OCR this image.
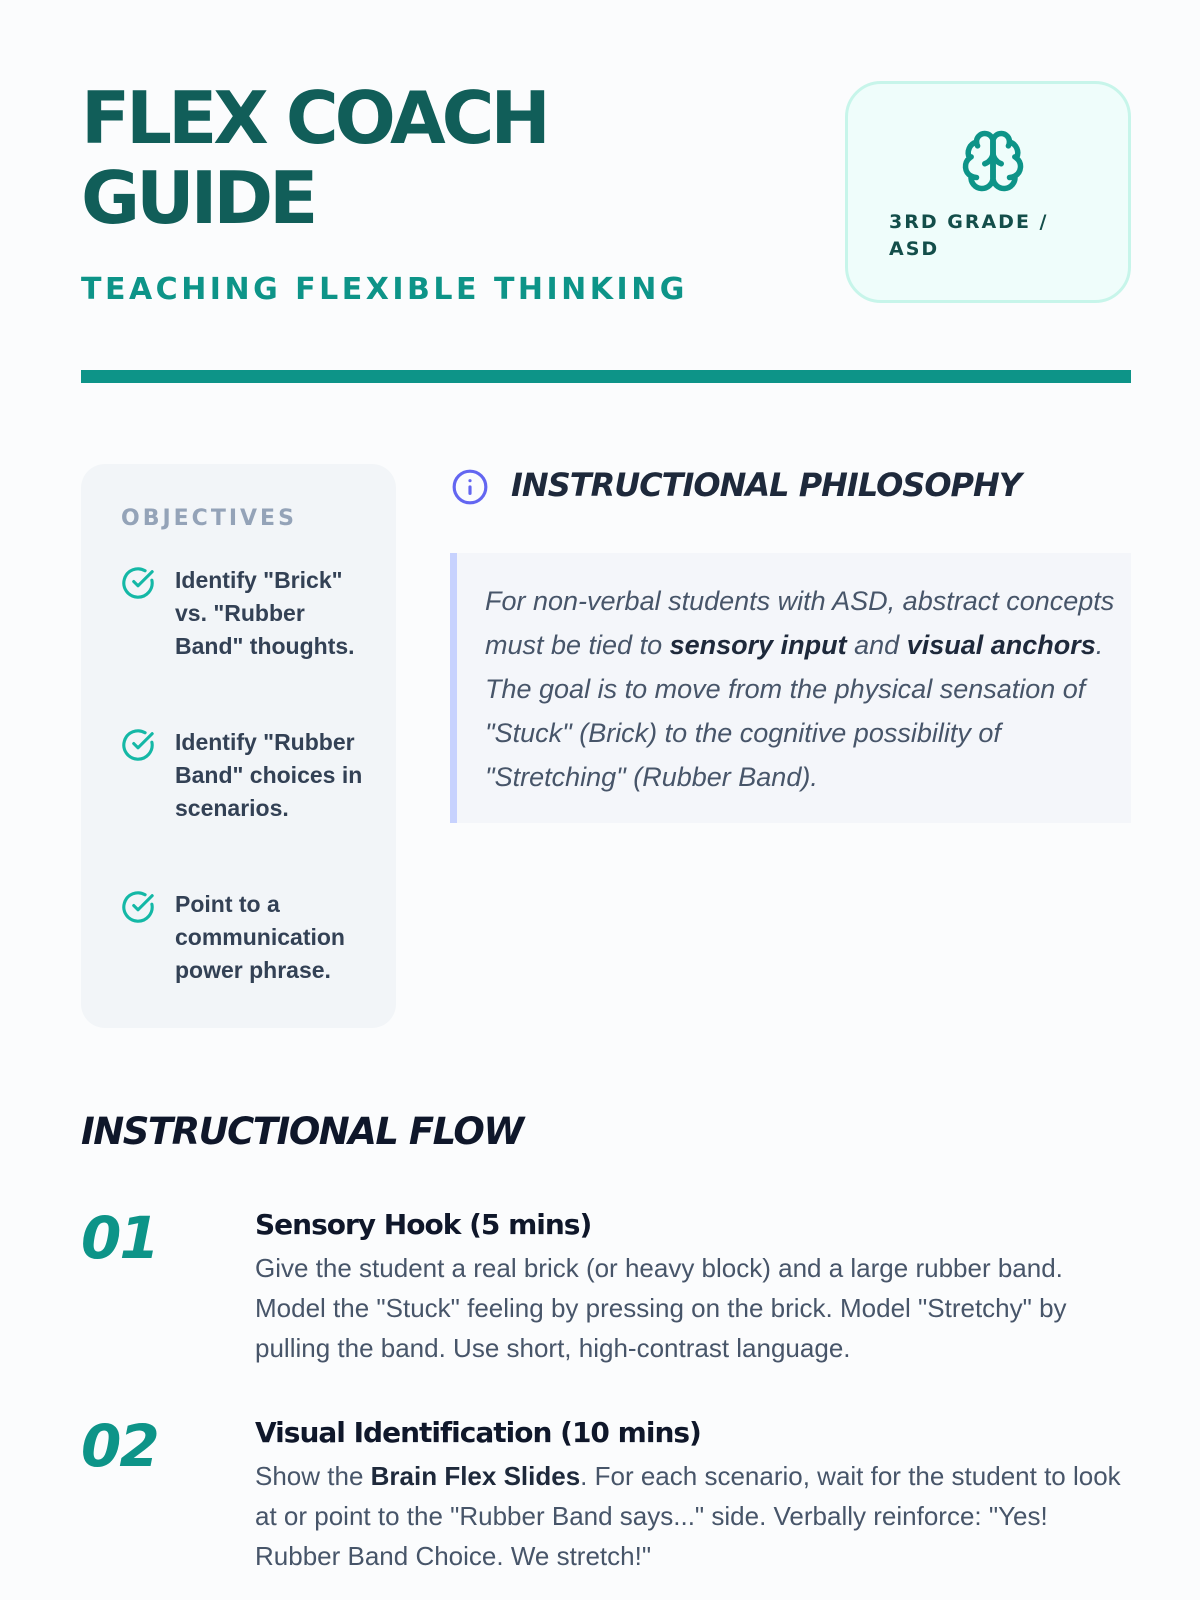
FLEX COACH GUIDE
TEACHING FLEXIBLE THINKING
3RD GRADE / ASD
OBJECTIVES
Identify "Brick" vs. "Rubber Band" thoughts.
Identify "Rubber Band" choices in scenarios.
Point to a communication power phrase.
INSTRUCTIONAL PHILOSOPHY
For non-verbal students with ASD, abstract concepts must be tied to sensory input and visual anchors. The goal is to move from the physical sensation of "Stuck" (Brick) to the cognitive possibility of "Stretching" (Rubber Band).
INSTRUCTIONAL FLOW
01	Sensory Hook (5 mins)
Give the student a real brick (or heavy block) and a large rubber band. Model the "Stuck" feeling by pressing on the brick. Model "Stretchy" by pulling the band. Use short, high-contrast language.
02	Visual Identification (10 mins)
Show the Brain Flex Slides. For each scenario, wait for the student to look at or point to the "Rubber Band says..." side. Verbally reinforce: "Yes! Rubber Band Choice. We stretch!"
